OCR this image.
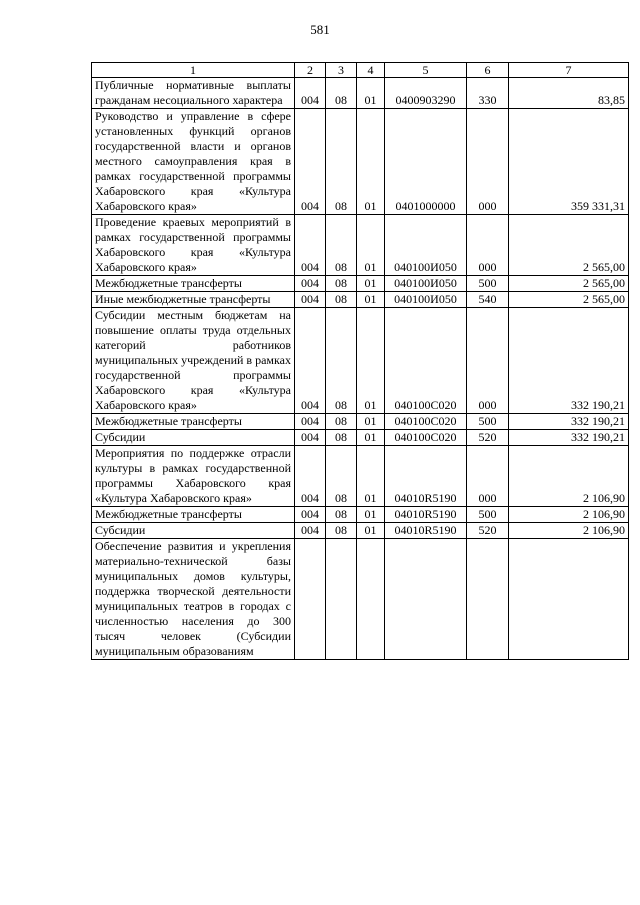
581
1	2	3	4	5	6	7
Публичные нормативные выплаты гражданам несоциального характера	004	08	01	0400903290	330	83,85
Руководство и управление в сфере установленных функций органов государственной власти и органов местного самоуправления края в рамках государственной программы Хабаровского края «Культура Хабаровского края»	004	08	01	0401000000	000	359 331,31
Проведение краевых мероприятий в рамках государственной программы Хабаровского края «Культура Хабаровского края»	004	08	01	040100И050	000	2 565,00
Межбюджетные трансферты	004	08	01	040100И050	500	2 565,00
Иные межбюджетные трансферты	004	08	01	040100И050	540	2 565,00
Субсидии местным бюджетам на повышение оплаты труда отдельных категорий работников муниципальных учреждений в рамках государственной программы Хабаровского края «Культура Хабаровского края»	004	08	01	040100С020	000	332 190,21
Межбюджетные трансферты	004	08	01	040100С020	500	332 190,21
Субсидии	004	08	01	040100С020	520	332 190,21
Мероприятия по поддержке отрасли культуры в рамках государственной программы Хабаровского края «Культура Хабаровского края»	004	08	01	04010R5190	000	2 106,90
Межбюджетные трансферты	004	08	01	04010R5190	500	2 106,90
Субсидии	004	08	01	04010R5190	520	2 106,90
Обеспечение развития и укрепления материально-технической базы муниципальных домов культуры, поддержка творческой деятельности муниципальных театров в городах с численностью населения до 300 тысяч человек (Субсидии муниципальным образованиям						
